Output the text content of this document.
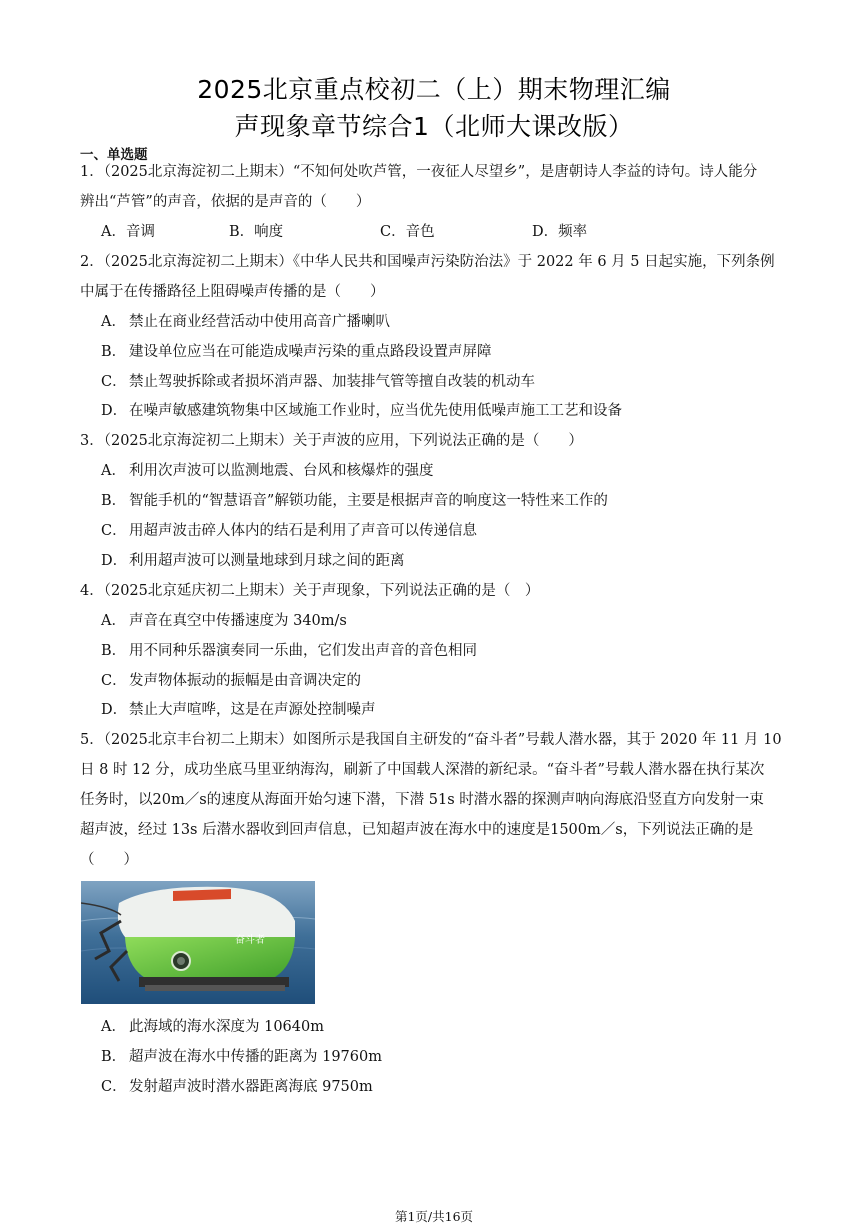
2025北京重点校初二（上）期末物理汇编
声现象章节综合1（北师大课改版）
一、单选题
1．（2025北京海淀初二上期末）“不知何处吹芦管，一夜征人尽望乡”，是唐朝诗人李益的诗句。诗人能分
辨出“芦管”的声音，依据的是声音的（　　）
A．音调	B．响度	C．音色	D．频率
2．（2025北京海淀初二上期末）《中华人民共和国噪声污染防治法》于 2022 年 6 月 5 日起实施，下列条例
中属于在传播路径上阻碍噪声传播的是（　　）
A． 禁止在商业经营活动中使用高音广播喇叭
B． 建设单位应当在可能造成噪声污染的重点路段设置声屏障
C． 禁止驾驶拆除或者损坏消声器、加装排气管等擅自改装的机动车
D． 在噪声敏感建筑物集中区域施工作业时，应当优先使用低噪声施工工艺和设备
3．（2025北京海淀初二上期末）关于声波的应用，下列说法正确的是（　　）
A． 利用次声波可以监测地震、台风和核爆炸的强度
B． 智能手机的“智慧语音”解锁功能，主要是根据声音的响度这一特性来工作的
C． 用超声波击碎人体内的结石是利用了声音可以传递信息
D． 利用超声波可以测量地球到月球之间的距离
4．（2025北京延庆初二上期末）关于声现象，下列说法正确的是（　）
A． 声音在真空中传播速度为 340m/s
B． 用不同种乐器演奏同一乐曲，它们发出声音的音色相同
C． 发声物体振动的振幅是由音调决定的
D． 禁止大声喧哗，这是在声源处控制噪声
5．（2025北京丰台初二上期末）如图所示是我国自主研发的“奋斗者”号载人潜水器，其于 2020 年 11 月 10
日 8 时 12 分，成功坐底马里亚纳海沟，刷新了中国载人深潜的新纪录。“奋斗者”号载人潜水器在执行某次
任务时，以20m／s的速度从海面开始匀速下潜，下潜 51s 时潜水器的探测声呐向海底沿竖直方向发射一束
超声波，经过 13s 后潜水器收到回声信息，已知超声波在海水中的速度是1500m／s，下列说法正确的是
（　　）
奋斗者
A． 此海域的海水深度为 10640m
B． 超声波在海水中传播的距离为 19760m
C． 发射超声波时潜水器距离海底 9750m
第1页/共16页
